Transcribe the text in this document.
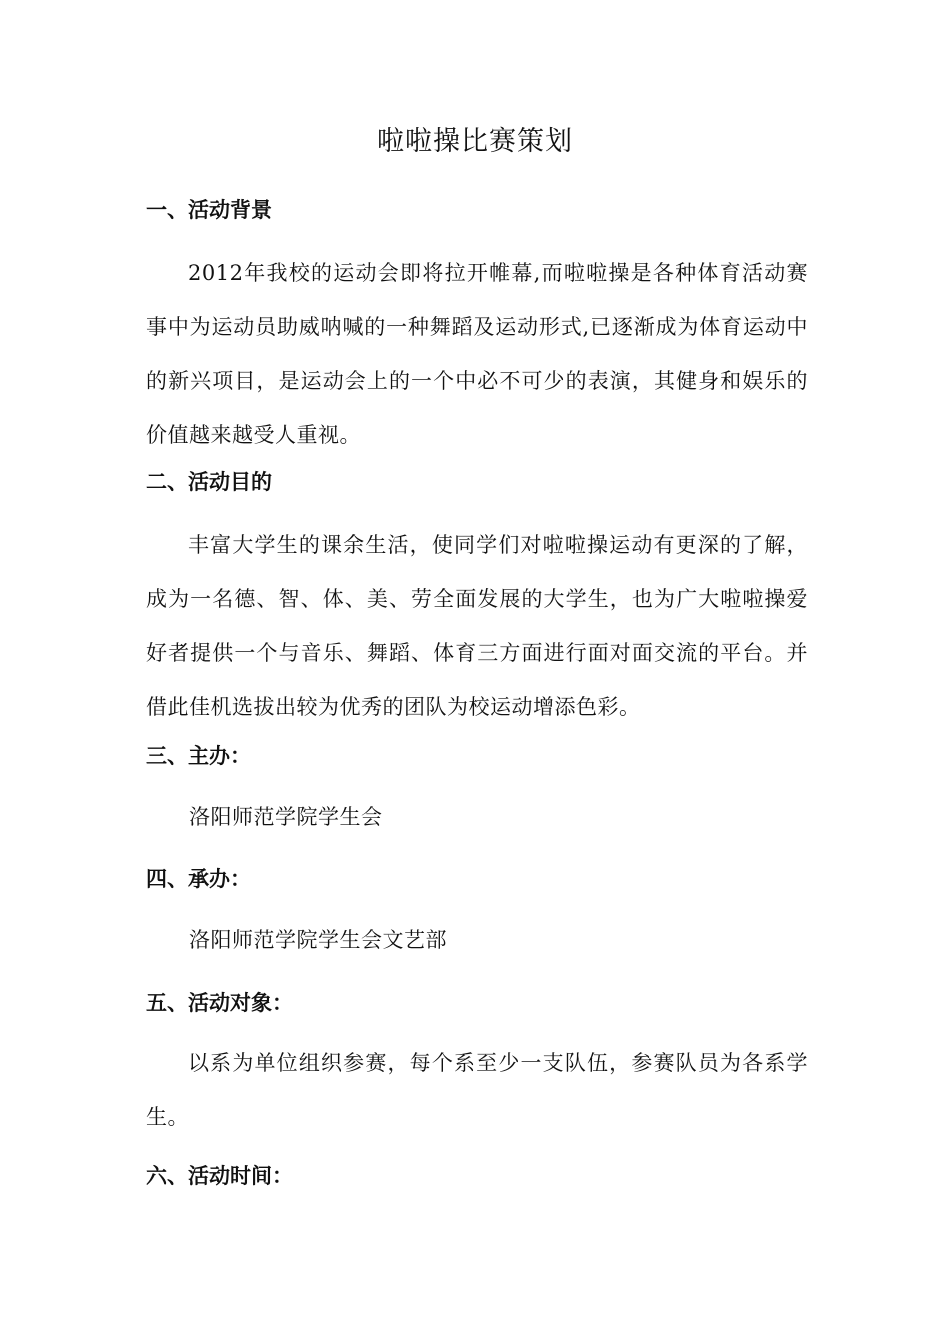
啦啦操比赛策划
一、活动背景

2012年我校的运动会即将拉开帷幕,而啦啦操是各种体育活动赛事中为运动员助威呐喊的一种舞蹈及运动形式,已逐渐成为体育运动中的新兴项目，是运动会上的一个中必不可少的表演，其健身和娱乐的价值越来越受人重视。

二、活动目的

丰富大学生的课余生活，使同学们对啦啦操运动有更深的了解，成为一名德、智、体、美、劳全面发展的大学生，也为广大啦啦操爱好者提供一个与音乐、舞蹈、体育三方面进行面对面交流的平台。并借此佳机选拔出较为优秀的团队为校运动增添色彩。

三、主办：
洛阳师范学院学生会
四、承办：
洛阳师范学院学生会文艺部
五、活动对象：

以系为单位组织参赛，每个系至少一支队伍，参赛队员为各系学生。

六、活动时间：
